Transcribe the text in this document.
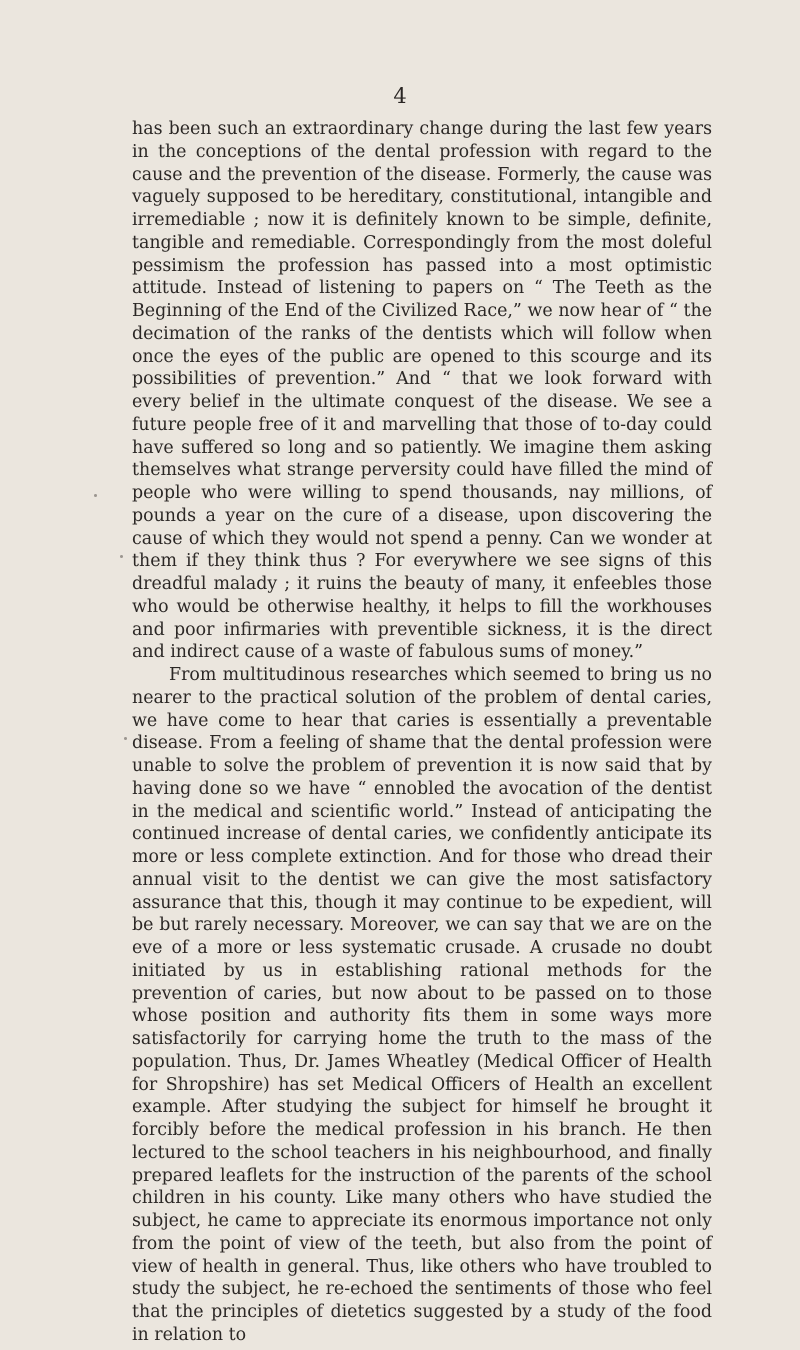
4

has been such an extraordinary change during the last few years in the conceptions of the dental profession with regard to the cause and the prevention of the disease. Formerly, the cause was vaguely supposed to be hereditary, constitutional, intangible and irremediable ; now it is definitely known to be simple, definite, tangible and remediable. Correspondingly from the most doleful pessimism the profession has passed into a most optimistic attitude. Instead of listening to papers on “ The Teeth as the Beginning of the End of the Civilized Race,” we now hear of “ the decimation of the ranks of the dentists which will follow when once the eyes of the public are opened to this scourge and its possibilities of prevention.” And “ that we look forward with every belief in the ultimate conquest of the disease. We see a future people free of it and marvelling that those of to-day could have suffered so long and so patiently. We imagine them asking themselves what strange perversity could have filled the mind of people who were willing to spend thousands, nay millions, of pounds a year on the cure of a disease, upon discovering the cause of which they would not spend a penny. Can we wonder at them if they think thus ? For everywhere we see signs of this dreadful malady ; it ruins the beauty of many, it enfeebles those who would be otherwise healthy, it helps to fill the workhouses and poor infirmaries with preventible sickness, it is the direct and indirect cause of a waste of fabulous sums of money.”

From multitudinous researches which seemed to bring us no nearer to the practical solution of the problem of dental caries, we have come to hear that caries is essentially a preventable disease. From a feeling of shame that the dental profession were unable to solve the problem of prevention it is now said that by having done so we have “ ennobled the avocation of the dentist in the medical and scientific world.” Instead of anticipating the continued increase of dental caries, we confidently anticipate its more or less complete extinction. And for those who dread their annual visit to the dentist we can give the most satisfactory assurance that this, though it may continue to be expedient, will be but rarely necessary. Moreover, we can say that we are on the eve of a more or less systematic crusade. A crusade no doubt initiated by us in establishing rational methods for the prevention of caries, but now about to be passed on to those whose position and authority fits them in some ways more satisfactorily for carrying home the truth to the mass of the population. Thus, Dr. James Wheatley (Medical Officer of Health for Shropshire) has set Medical Officers of Health an excellent example. After studying the subject for himself he brought it forcibly before the medical profession in his branch. He then lectured to the school teachers in his neighbourhood, and finally prepared leaflets for the instruction of the parents of the school children in his county. Like many others who have studied the subject, he came to appreciate its enormous importance not only from the point of view of the teeth, but also from the point of view of health in general. Thus, like others who have troubled to study the subject, he re-echoed the sentiments of those who feel that the principles of dietetics suggested by a study of the food in relation to
